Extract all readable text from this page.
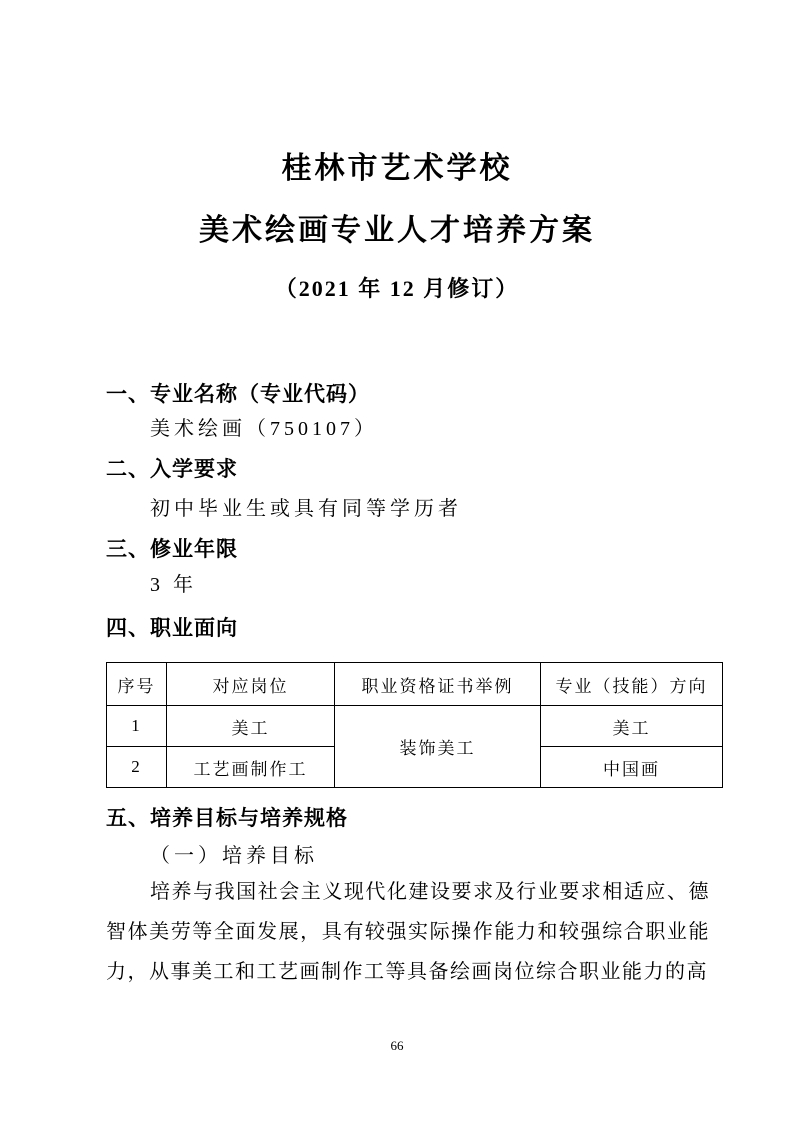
桂林市艺术学校
美术绘画专业人才培养方案
（2021 年 12 月修订）
一、专业名称（专业代码）
美术绘画（750107）
二、入学要求
初中毕业生或具有同等学历者
三、修业年限
3 年
四、职业面向
序号	对应岗位	职业资格证书举例	专业（技能）方向
1	美工	装饰美工	美工
2	工艺画制作工		中国画
五、培养目标与培养规格
（一）培养目标
培养与我国社会主义现代化建设要求及行业要求相适应、德智体美劳等全面发展，具有较强实际操作能力和较强综合职业能力，从事美工和工艺画制作工等具备绘画岗位综合职业能力的高
66
